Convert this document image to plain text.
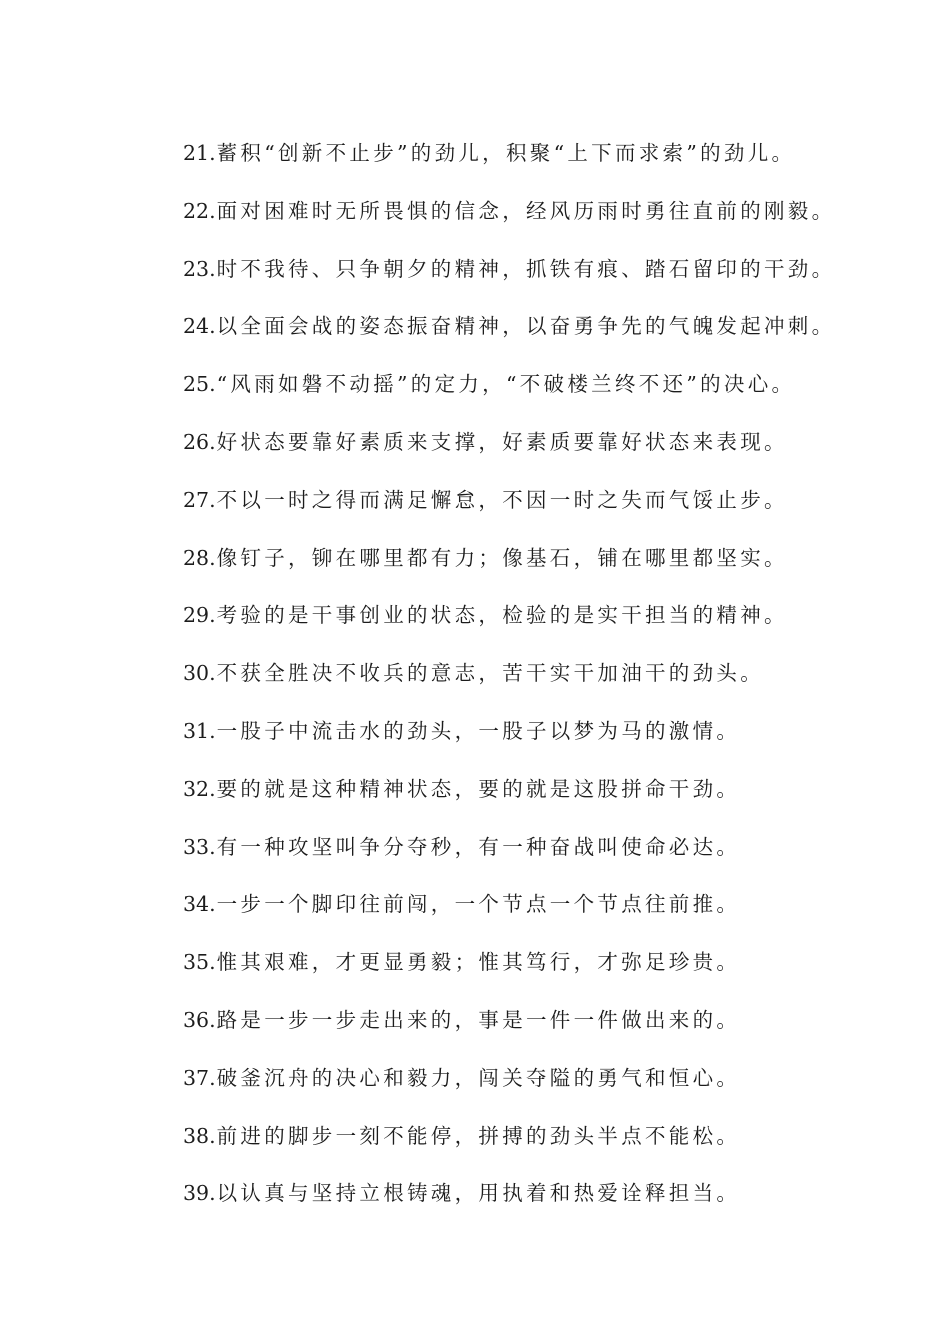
21.蓄积“创新不止步”的劲儿，积聚“上下而求索”的劲儿。
22.面对困难时无所畏惧的信念，经风历雨时勇往直前的刚毅。
23.时不我待、只争朝夕的精神，抓铁有痕、踏石留印的干劲。
24.以全面会战的姿态振奋精神，以奋勇争先的气魄发起冲刺。
25.“风雨如磐不动摇”的定力，“不破楼兰终不还”的决心。
26.好状态要靠好素质来支撑，好素质要靠好状态来表现。
27.不以一时之得而满足懈怠，不因一时之失而气馁止步。
28.像钉子，铆在哪里都有力；像基石，铺在哪里都坚实。
29.考验的是干事创业的状态，检验的是实干担当的精神。
30.不获全胜决不收兵的意志，苦干实干加油干的劲头。
31.一股子中流击水的劲头，一股子以梦为马的激情。
32.要的就是这种精神状态，要的就是这股拼命干劲。
33.有一种攻坚叫争分夺秒，有一种奋战叫使命必达。
34.一步一个脚印往前闯，一个节点一个节点往前推。
35.惟其艰难，才更显勇毅；惟其笃行，才弥足珍贵。
36.路是一步一步走出来的，事是一件一件做出来的。
37.破釜沉舟的决心和毅力，闯关夺隘的勇气和恒心。
38.前进的脚步一刻不能停，拼搏的劲头半点不能松。
39.以认真与坚持立根铸魂，用执着和热爱诠释担当。
